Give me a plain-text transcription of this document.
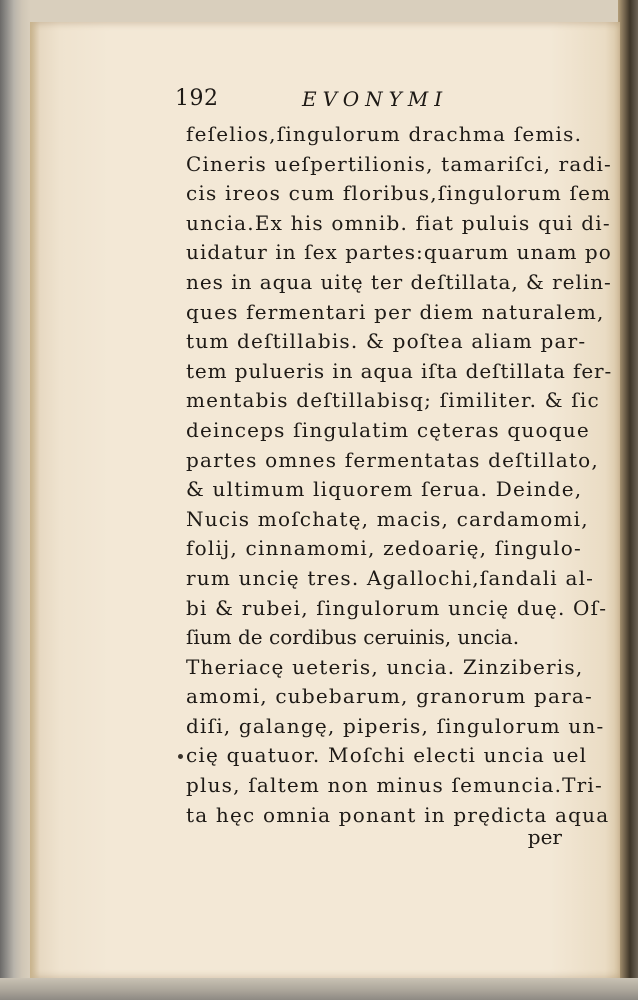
192	EVONYMI
feſelios,ſingulorum drachma ſemis.
Cineris ueſpertilionis, tamariſci, radi-
cis ireos cum floribus,ſingulorum ſem
uncia.Ex his omnib. fiat puluis qui di-
uidatur in ſex partes:quarum unam po
nes in aqua uitę ter deſtillata, & relin-
ques fermentari per diem naturalem,
tum deſtillabis. & poſtea aliam par-
tem pulueris in aqua iſta deſtillata fer-
mentabis deſtillabisq; ſimiliter. & ſic
deinceps ſingulatim cęteras quoque
partes omnes fermentatas deſtillato,
& ultimum liquorem ſerua. Deinde,
Nucis moſchatę, macis, cardamomi,
folij, cinnamomi, zedoarię, ſingulo-
rum uncię tres. Agallochi,ſandali al-
bi & rubei, ſingulorum uncię duę. Oſ-
ſium de cordibus ceruinis, uncia.
Theriacę ueteris, uncia. Zinziberis,
amomi, cubebarum, granorum para-
diſi, galangę, piperis, ſingulorum un-
cię quatuor. Moſchi electi uncia uel
plus, ſaltem non minus ſemuncia.Tri-
ta hęc omnia ponant in prędicta aqua
per
